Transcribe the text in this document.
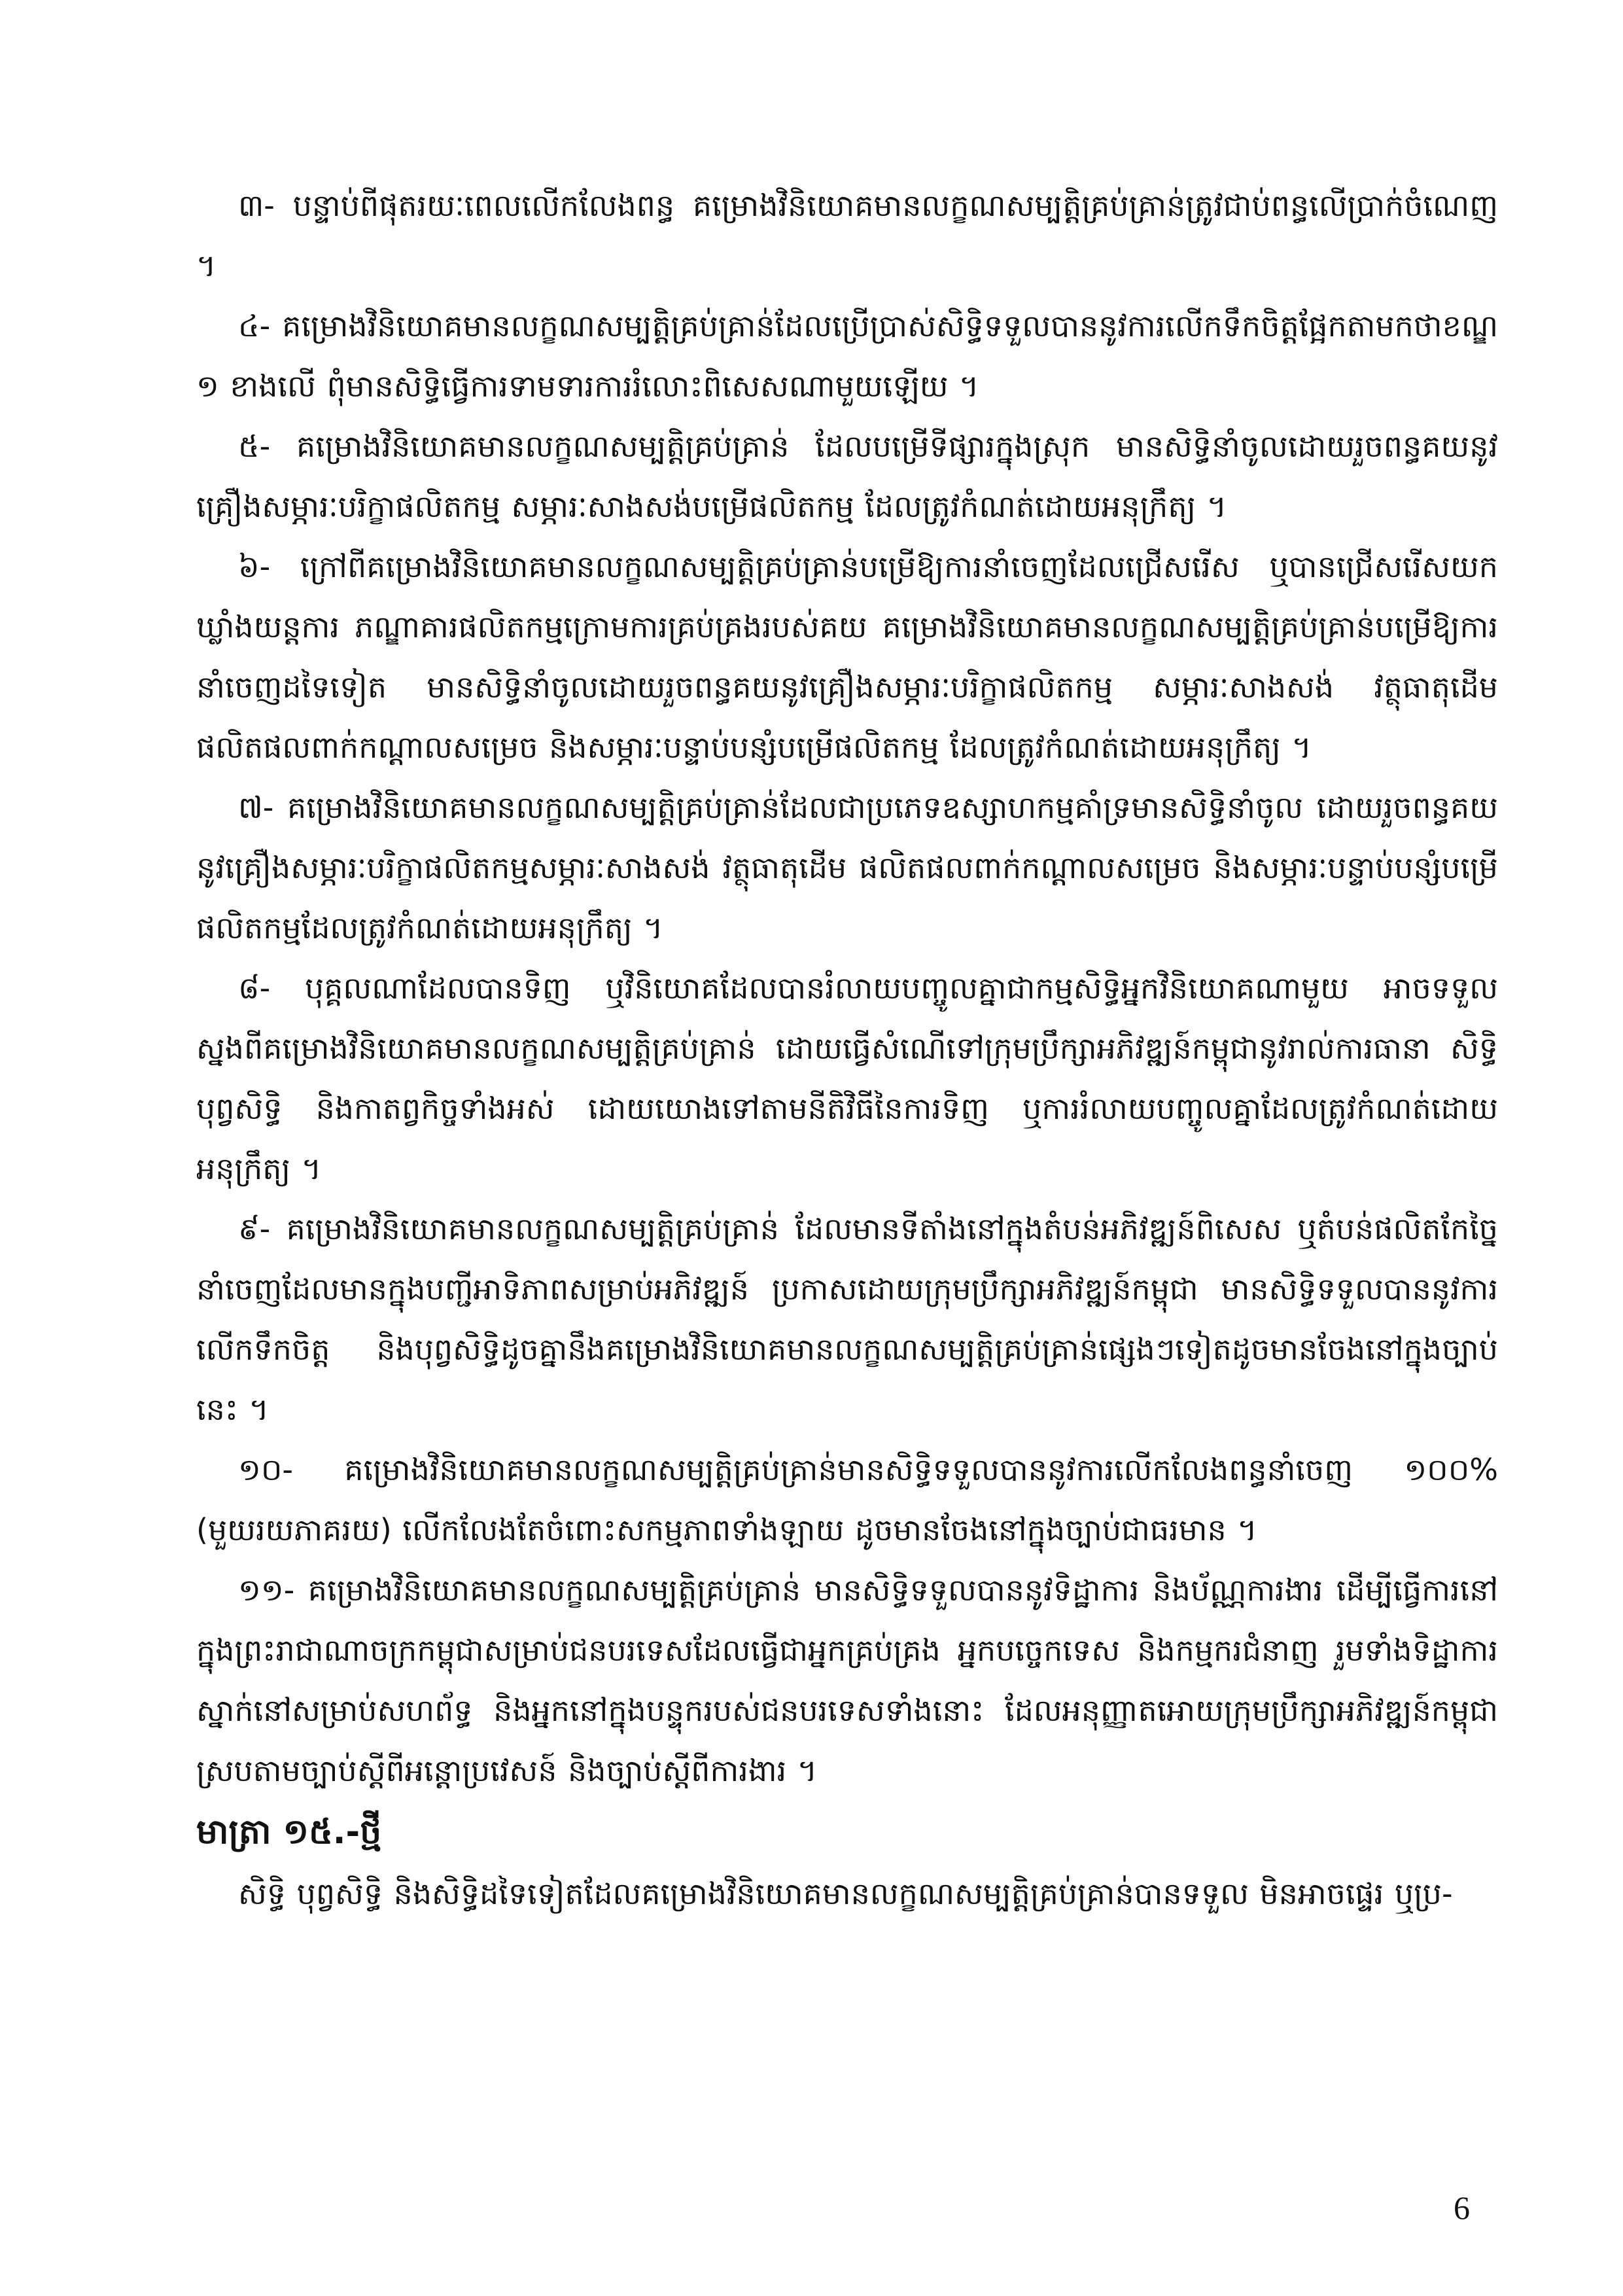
៣- បន្ទាប់ពីផុតរយៈពេលលើកលែងពន្ធ គម្រោងវិនិយោគមានលក្ខណសម្បត្តិគ្រប់គ្រាន់ត្រូវជាប់ពន្ធលើប្រាក់ចំណេញ ។

៤- គម្រោងវិនិយោគមានលក្ខណសម្បត្តិគ្រប់គ្រាន់ដែលប្រើប្រាស់សិទ្ធិទទួលបាននូវការលើកទឹកចិត្តផ្អែកតាមកថាខណ្ឌ ១ ខាងលើ ពុំមានសិទ្ធិធ្វើការទាមទារការរំលោះពិសេសណាមួយឡើយ ។

៥- គម្រោងវិនិយោគមានលក្ខណសម្បត្តិគ្រប់គ្រាន់ ដែលបម្រើទីផ្សារក្នុងស្រុក មានសិទ្ធិនាំចូលដោយរួចពន្ធគយនូវគ្រឿងសម្ភារៈបរិក្ខាផលិតកម្ម សម្ភារៈសាងសង់បម្រើផលិតកម្ម ដែលត្រូវកំណត់ដោយអនុក្រឹត្យ ។

៦- ក្រៅពីគម្រោងវិនិយោគមានលក្ខណសម្បត្តិគ្រប់គ្រាន់បម្រើឱ្យការនាំចេញដែលជ្រើសរើស ឬបានជ្រើសរើសយកឃ្លាំងយន្តការ ភណ្ឌាគារផលិតកម្មក្រោមការគ្រប់គ្រងរបស់គយ គម្រោងវិនិយោគមានលក្ខណសម្បត្តិគ្រប់គ្រាន់បម្រើឱ្យការនាំចេញដទៃទៀត មានសិទ្ធិនាំចូលដោយរួចពន្ធគយនូវគ្រឿងសម្ភារៈបរិក្ខាផលិតកម្ម សម្ភារៈសាងសង់ វត្ថុធាតុដើម ផលិតផលពាក់កណ្តាលសម្រេច និងសម្ភារៈបន្ទាប់បន្សំបម្រើផលិតកម្ម ដែលត្រូវកំណត់ដោយអនុក្រឹត្យ ។

៧- គម្រោងវិនិយោគមានលក្ខណសម្បត្តិគ្រប់គ្រាន់ដែលជាប្រភេទឧស្សាហកម្មគាំទ្រមានសិទ្ធិនាំចូល ដោយរួចពន្ធគយ នូវគ្រឿងសម្ភារៈបរិក្ខាផលិតកម្មសម្ភារៈសាងសង់ វត្ថុធាតុដើម ផលិតផលពាក់កណ្តាលសម្រេច និងសម្ភារៈបន្ទាប់បន្សំបម្រើផលិតកម្មដែលត្រូវកំណត់ដោយអនុក្រឹត្យ ។

៨- បុគ្គលណាដែលបានទិញ ឬវិនិយោគដែលបានរំលាយបញ្ចូលគ្នាជាកម្មសិទ្ធិអ្នកវិនិយោគណាមួយ អាចទទួលស្នងពីគម្រោងវិនិយោគមានលក្ខណសម្បត្តិគ្រប់គ្រាន់ ដោយធ្វើសំណើទៅក្រុមប្រឹក្សាអភិវឌ្ឍន៍កម្ពុជានូវរាល់ការធានា សិទ្ធិ បុព្វសិទ្ធិ និងកាតព្វកិច្ចទាំងអស់ ដោយយោងទៅតាមនីតិវិធីនៃការទិញ ឬការរំលាយបញ្ចូលគ្នាដែលត្រូវកំណត់ដោយអនុក្រឹត្យ ។

៩- គម្រោងវិនិយោគមានលក្ខណសម្បត្តិគ្រប់គ្រាន់ ដែលមានទីតាំងនៅក្នុងតំបន់អភិវឌ្ឍន៍ពិសេស ឬតំបន់ផលិតកែច្នៃនាំចេញដែលមានក្នុងបញ្ជីអាទិភាពសម្រាប់អភិវឌ្ឍន៍ ប្រកាសដោយក្រុមប្រឹក្សាអភិវឌ្ឍន៍កម្ពុជា មានសិទ្ធិទទួលបាននូវការលើកទឹកចិត្ត និងបុព្វសិទ្ធិដូចគ្នានឹងគម្រោងវិនិយោគមានលក្ខណសម្បត្តិគ្រប់គ្រាន់ផ្សេងៗទៀតដូចមានចែងនៅក្នុងច្បាប់នេះ ។

១០- គម្រោងវិនិយោគមានលក្ខណសម្បត្តិគ្រប់គ្រាន់មានសិទ្ធិទទួលបាននូវការលើកលែងពន្ធនាំចេញ ១០០% (មួយរយភាគរយ) លើកលែងតែចំពោះសកម្មភាពទាំងឡាយ ដូចមានចែងនៅក្នុងច្បាប់ជាធរមាន ។

១១- គម្រោងវិនិយោគមានលក្ខណសម្បត្តិគ្រប់គ្រាន់ មានសិទ្ធិទទួលបាននូវទិដ្ឋាការ និងប័ណ្ណការងារ ដើម្បីធ្វើការនៅក្នុងព្រះរាជាណាចក្រកម្ពុជាសម្រាប់ជនបរទេសដែលធ្វើជាអ្នកគ្រប់គ្រង អ្នកបច្ចេកទេស និងកម្មករជំនាញ រួមទាំងទិដ្ឋាការស្នាក់នៅសម្រាប់សហព័ទ្ធ និងអ្នកនៅក្នុងបន្ទុករបស់ជនបរទេសទាំងនោះ ដែលអនុញ្ញាតអោយក្រុមប្រឹក្សាអភិវឌ្ឍន៍កម្ពុជា ស្របតាមច្បាប់ស្តីពីអន្តោប្រវេសន៍ និងច្បាប់ស្តីពីការងារ ។

មាត្រា ១៥.-ថ្មី

សិទ្ធិ បុព្វសិទ្ធិ និងសិទ្ធិដទៃទៀតដែលគម្រោងវិនិយោគមានលក្ខណសម្បត្តិគ្រប់គ្រាន់បានទទួល មិនអាចផ្ទេរ ឬប្រ-

6
